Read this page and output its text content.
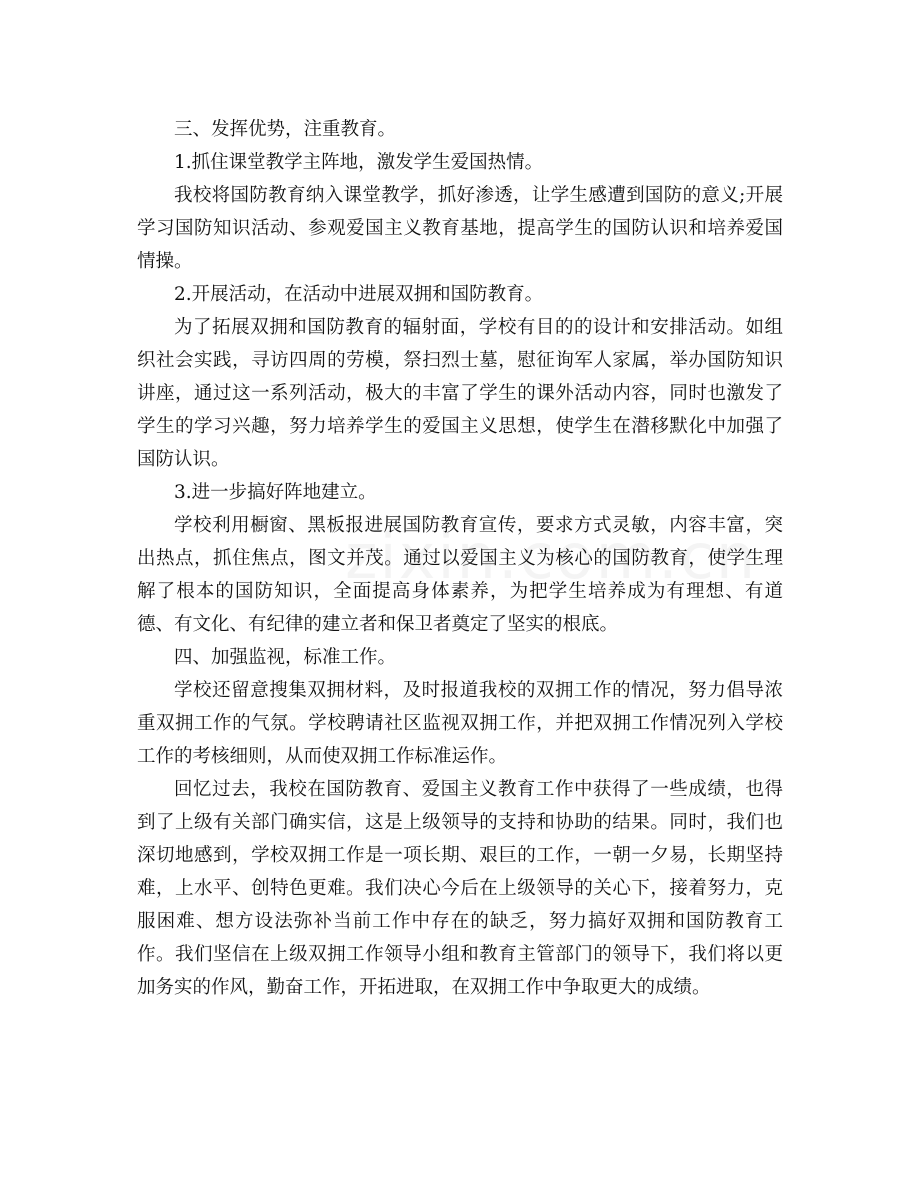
三、发挥优势，注重教育。

1.抓住课堂教学主阵地，激发学生爱国热情。

我校将国防教育纳入课堂教学，抓好渗透，让学生感遭到国防的意义;开展学习国防知识活动、参观爱国主义教育基地，提高学生的国防认识和培养爱国情操。

2.开展活动，在活动中进展双拥和国防教育。

为了拓展双拥和国防教育的辐射面，学校有目的的设计和安排活动。如组织社会实践，寻访四周的劳模，祭扫烈士墓，慰征询军人家属，举办国防知识讲座，通过这一系列活动，极大的丰富了学生的课外活动内容，同时也激发了学生的学习兴趣，努力培养学生的爱国主义思想，使学生在潜移默化中加强了国防认识。

3.进一步搞好阵地建立。

学校利用橱窗、黑板报进展国防教育宣传，要求方式灵敏，内容丰富，突出热点，抓住焦点，图文并茂。通过以爱国主义为核心的国防教育，使学生理解了根本的国防知识，全面提高身体素养，为把学生培养成为有理想、有道德、有文化、有纪律的建立者和保卫者奠定了坚实的根底。

四、加强监视，标准工作。

学校还留意搜集双拥材料，及时报道我校的双拥工作的情况，努力倡导浓重双拥工作的气氛。学校聘请社区监视双拥工作，并把双拥工作情况列入学校工作的考核细则，从而使双拥工作标准运作。

回忆过去，我校在国防教育、爱国主义教育工作中获得了一些成绩，也得到了上级有关部门确实信，这是上级领导的支持和协助的结果。同时，我们也深切地感到，学校双拥工作是一项长期、艰巨的工作，一朝一夕易，长期坚持难，上水平、创特色更难。我们决心今后在上级领导的关心下，接着努力，克服困难、想方设法弥补当前工作中存在的缺乏，努力搞好双拥和国防教育工作。我们坚信在上级双拥工作领导小组和教育主管部门的领导下，我们将以更加务实的作风，勤奋工作，开拓进取，在双拥工作中争取更大的成绩。
